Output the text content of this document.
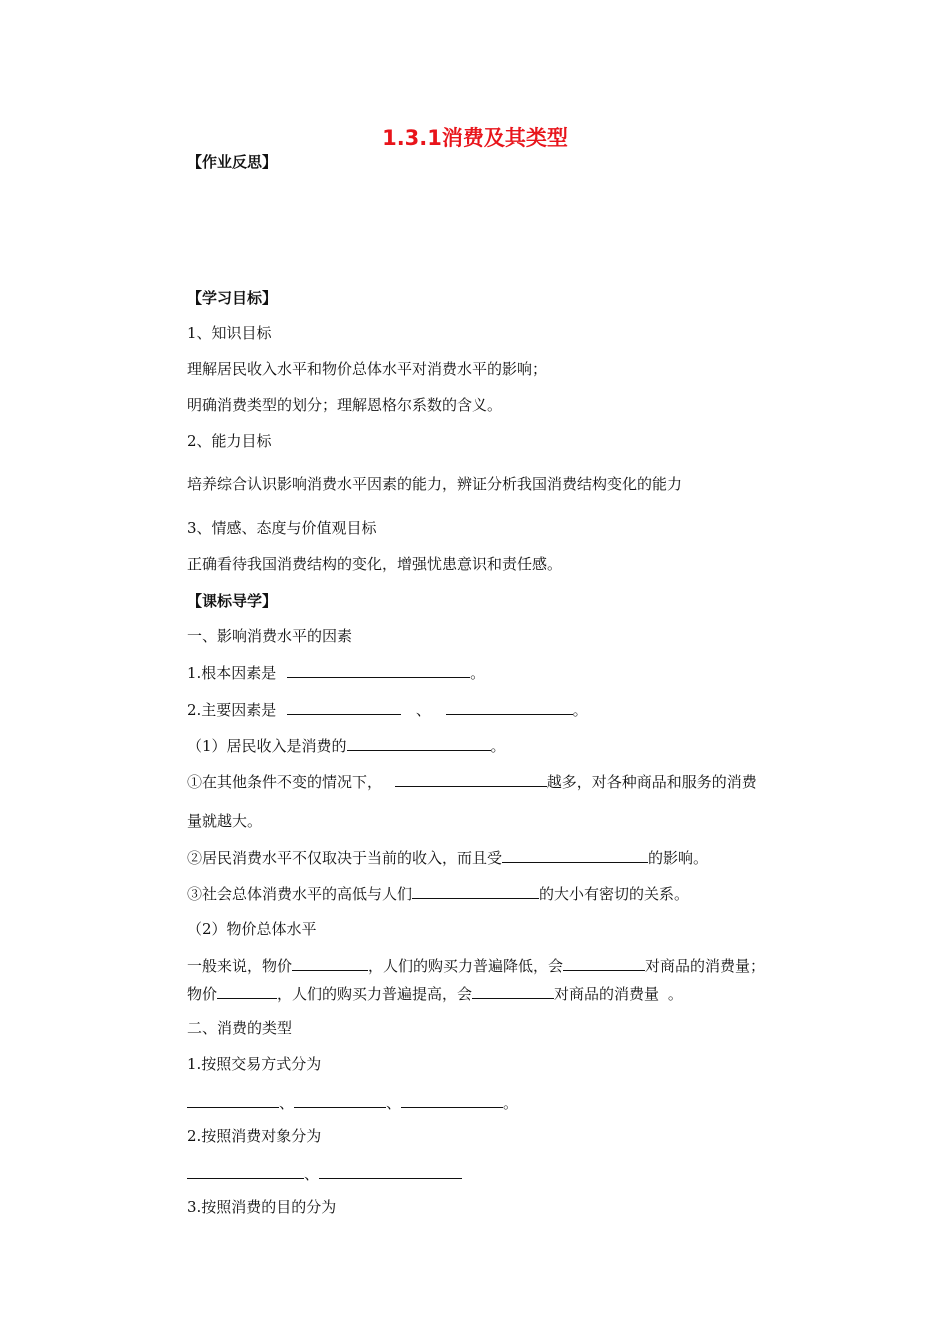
1.3.1消费及其类型
【作业反思】
【学习目标】
1、知识目标
理解居民收入水平和物价总体水平对消费水平的影响；
明确消费类型的划分；理解恩格尔系数的含义。
2、能力目标
培养综合认识影响消费水平因素的能力，辨证分析我国消费结构变化的能力
3、情感、态度与价值观目标
正确看待我国消费结构的变化，增强忧患意识和责任感。
【课标导学】
一、影响消费水平的因素
1.根本因素是	。
2.主要因素是	、	。
（1）居民收入是消费的	。
①在其他条件不变的情况下，	越多，对各种商品和服务的消费
量就越大。
②居民消费水平不仅取决于当前的收入，而且受	的影响。
③社会总体消费水平的高低与人们	的大小有密切的关系。
（2）物价总体水平
一般来说，物价	，人们的购买力普遍降低，会	对商品的消费量；
物价	，人们的购买力普遍提高，会	对商品的消费量 。
二、消费的类型
1.按照交易方式分为
、	、	。
2.按照消费对象分为
、
3.按照消费的目的分为
